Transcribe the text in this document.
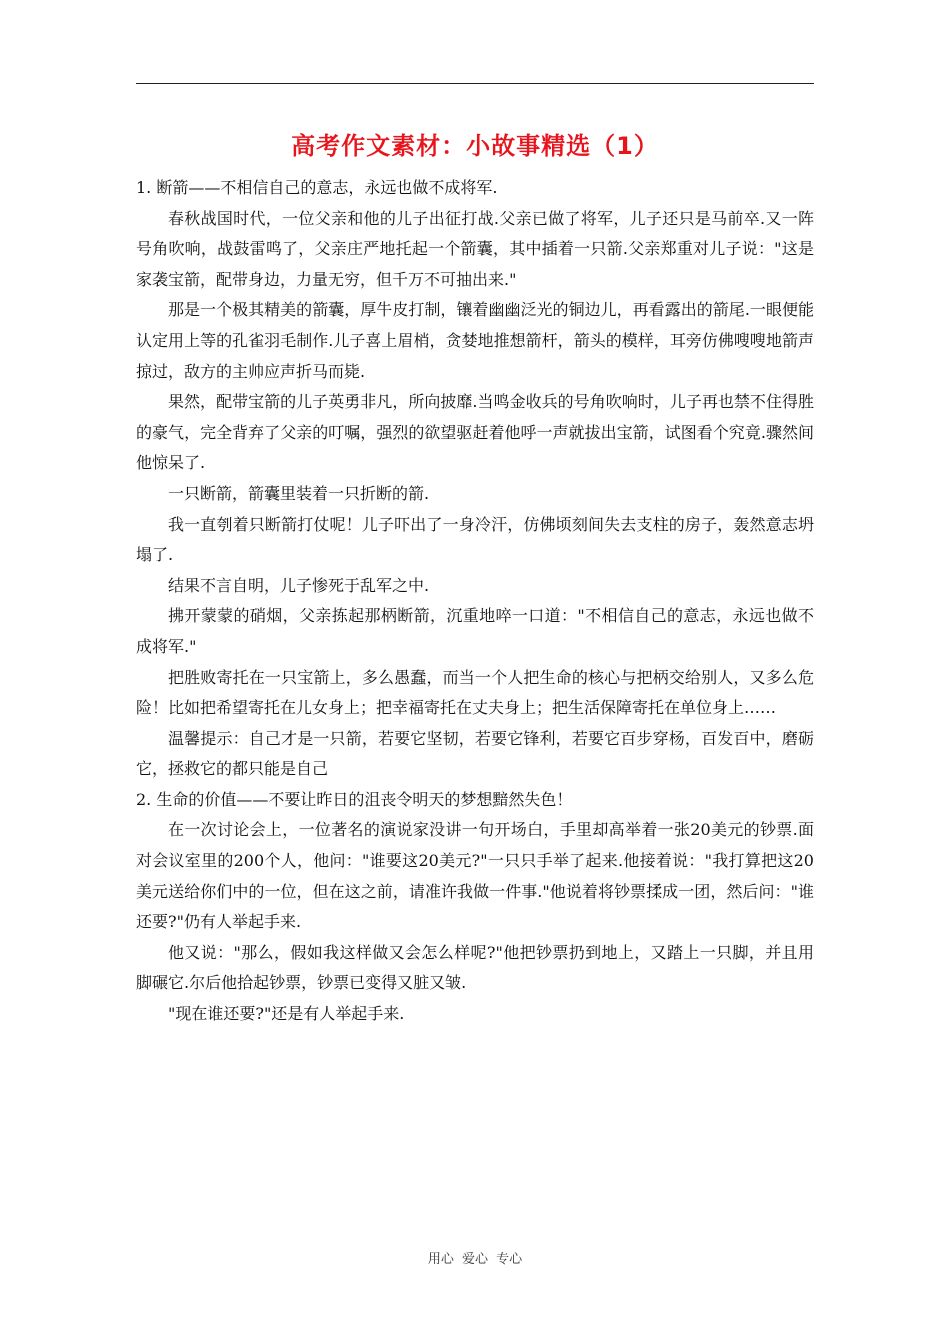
高考作文素材：小故事精选（1）

1. 断箭——不相信自己的意志，永远也做不成将军.

春秋战国时代，一位父亲和他的儿子出征打战.父亲已做了将军，儿子还只是马前卒.又一阵号角吹响，战鼓雷鸣了，父亲庄严地托起一个箭囊，其中插着一只箭.父亲郑重对儿子说："这是家袭宝箭，配带身边，力量无穷，但千万不可抽出来."

那是一个极其精美的箭囊，厚牛皮打制，镶着幽幽泛光的铜边儿，再看露出的箭尾.一眼便能认定用上等的孔雀羽毛制作.儿子喜上眉梢，贪婪地推想箭杆，箭头的模样，耳旁仿佛嗖嗖地箭声掠过，敌方的主帅应声折马而毙.

果然，配带宝箭的儿子英勇非凡，所向披靡.当鸣金收兵的号角吹响时，儿子再也禁不住得胜的豪气，完全背弃了父亲的叮嘱，强烈的欲望驱赶着他呼一声就拔出宝箭，试图看个究竟.骤然间他惊呆了.

一只断箭，箭囊里装着一只折断的箭.

我一直刳着只断箭打仗呢！儿子吓出了一身冷汗，仿佛顷刻间失去支柱的房子，轰然意志坍塌了.

结果不言自明，儿子惨死于乱军之中.

拂开蒙蒙的硝烟，父亲拣起那柄断箭，沉重地啐一口道："不相信自己的意志，永远也做不成将军."

把胜败寄托在一只宝箭上，多么愚蠢，而当一个人把生命的核心与把柄交给别人，又多么危险！比如把希望寄托在儿女身上；把幸福寄托在丈夫身上；把生活保障寄托在单位身上……

温馨提示：自己才是一只箭，若要它坚韧，若要它锋利，若要它百步穿杨，百发百中，磨砺它，拯救它的都只能是自己

2. 生命的价值——不要让昨日的沮丧令明天的梦想黯然失色！

在一次讨论会上，一位著名的演说家没讲一句开场白，手里却高举着一张20美元的钞票.面对会议室里的200个人，他问："谁要这20美元?"一只只手举了起来.他接着说："我打算把这20美元送给你们中的一位，但在这之前，请准许我做一件事."他说着将钞票揉成一团，然后问："谁还要?"仍有人举起手来.

他又说："那么，假如我这样做又会怎么样呢?"他把钞票扔到地上，又踏上一只脚，并且用脚碾它.尔后他拾起钞票，钞票已变得又脏又皱.

"现在谁还要?"还是有人举起手来.

用心 爱心 专心
